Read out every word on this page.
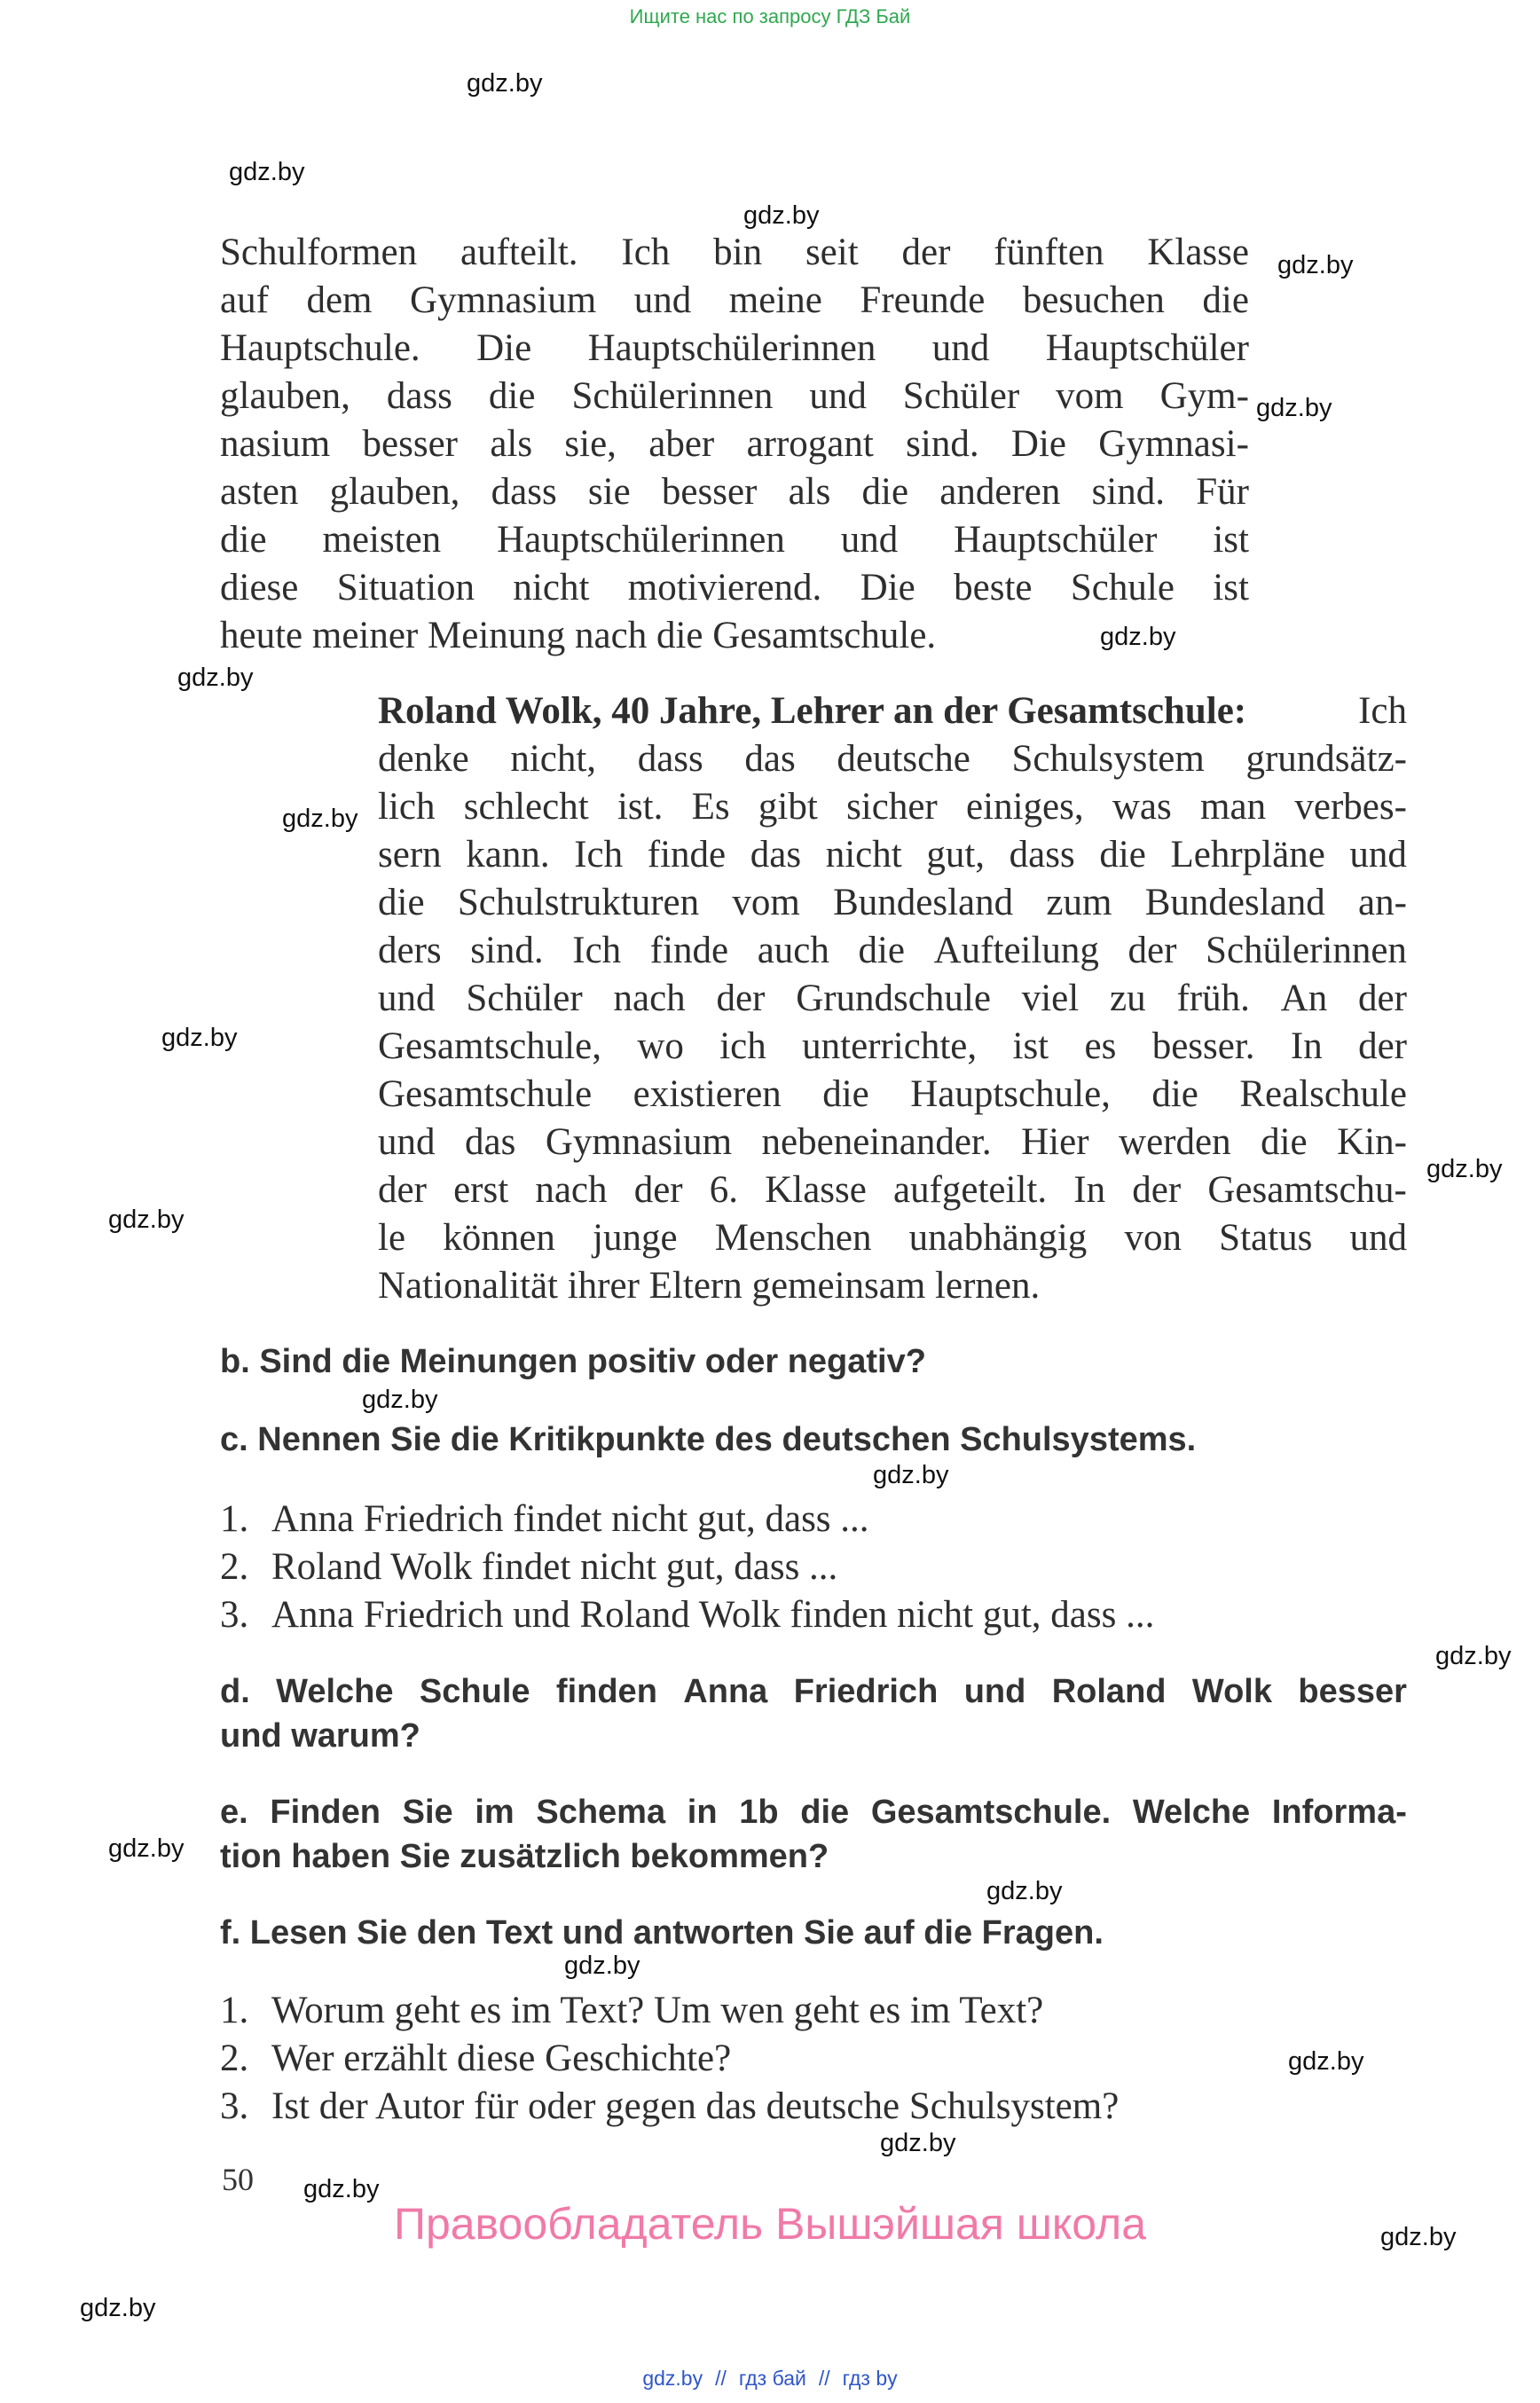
Ищите нас по запросу ГДЗ Бай
gdz.by
gdz.by
gdz.by
gdz.by
gdz.by
gdz.by
gdz.by
gdz.by
gdz.by
gdz.by
gdz.by
gdz.by
gdz.by
gdz.by
gdz.by
gdz.by
gdz.by
gdz.by
gdz.by
gdz.by
gdz.by
gdz.by
Schulformen aufteilt. Ich bin seit der fünften Klasse
auf dem Gymnasium und meine Freunde besuchen die
Hauptschule. Die Hauptschülerinnen und Hauptschüler
glauben, dass die Schülerinnen und Schüler vom Gym-
nasium besser als sie, aber arrogant sind. Die Gymnasi-
asten glauben, dass sie besser als die anderen sind. Für
die meisten Hauptschülerinnen und Hauptschüler ist
diese Situation nicht motivierend. Die beste Schule ist
heute meiner Meinung nach die Gesamtschule.
Roland Wolk, 40 Jahre, Lehrer an der Gesamtschule:	Ich
denke nicht, dass das deutsche Schulsystem grundsätz-
lich schlecht ist. Es gibt sicher einiges, was man verbes-
sern kann. Ich finde das nicht gut, dass die Lehrpläne und
die Schulstrukturen vom Bundesland zum Bundesland an-
ders sind. Ich finde auch die Aufteilung der Schülerinnen
und Schüler nach der Grundschule viel zu früh. An der
Gesamtschule, wo ich unterrichte, ist es besser. In der
Gesamtschule existieren die Hauptschule, die Realschule
und das Gymnasium nebeneinander. Hier werden die Kin-
der erst nach der 6. Klasse aufgeteilt. In der Gesamtschu-
le können junge Menschen unabhängig von Status und
Nationalität ihrer Eltern gemeinsam lernen.
b. Sind die Meinungen positiv oder negativ?
c. Nennen Sie die Kritikpunkte des deutschen Schulsystems.
1. Anna Friedrich findet nicht gut, dass ...
2. Roland Wolk findet nicht gut, dass ...
3. Anna Friedrich und Roland Wolk finden nicht gut, dass ...
d. Welche Schule finden Anna Friedrich und Roland Wolk besser
und warum?
e. Finden Sie im Schema in 1b die Gesamtschule. Welche Informa-
tion haben Sie zusätzlich bekommen?
f. Lesen Sie den Text und antworten Sie auf die Fragen.
1. Worum geht es im Text? Um wen geht es im Text?
2. Wer erzählt diese Geschichte?
3. Ist der Autor für oder gegen das deutsche Schulsystem?
50
Правообладатель Вышэйшая школа
gdz.by // гдз бай // гдз by
